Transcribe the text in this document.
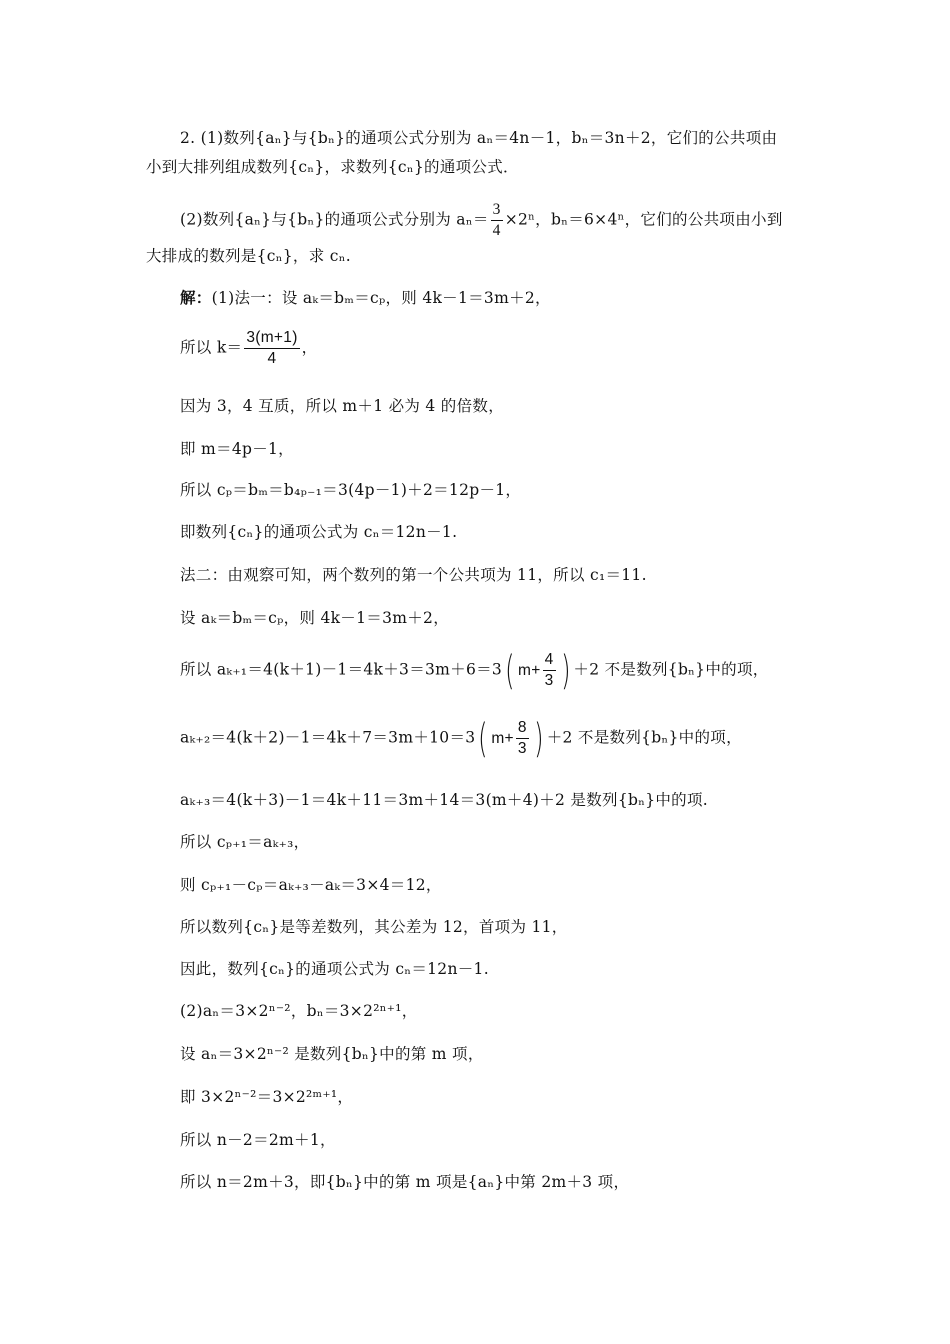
2. (1)数列{aₙ}与{bₙ}的通项公式分别为 aₙ＝4n－1，bₙ＝3n＋2，它们的公共项由
小到大排列组成数列{cₙ}，求数列{cₙ}的通项公式．
(2)数列{aₙ}与{bₙ}的通项公式分别为 $a_n= \frac{3}{4} \times 2^n$，bₙ＝6×4ⁿ，它们的公共项由小到
大排成的数列是{cₙ}，求 cₙ.
解：(1)法一：设 aₖ＝bₘ＝cₚ，则 4k－1＝3m＋2，
所以 $k= \frac{3(m+1)}{4}$ ，
因为 3，4 互质，所以 m＋1 必为 4 的倍数，
即 m＝4p－1，
所以 cₚ＝bₘ＝b₄ₚ₋₁＝3(4p－1)＋2＝12p－1，
即数列{cₙ}的通项公式为 cₙ＝12n－1.
法二：由观察可知，两个数列的第一个公共项为 11，所以 c₁＝11.
设 aₖ＝bₘ＝cₚ，则 4k－1＝3m＋2，
所以 aₖ₊₁＝4(k＋1)－1＝4k＋3＝3m＋6＝3( $m+ \frac{4}{3}$ ) ＋2 不是数列{bₙ}中的项，
aₖ₊₂＝4(k＋2)－1＝4k＋7＝3m＋10＝3( $m+ \frac{8}{3}$ ) ＋2 不是数列{bₙ}中的项，
aₖ₊₃＝4(k＋3)－1＝4k＋11＝3m＋14＝3(m＋4)＋2 是数列{bₙ}中的项.
所以 cₚ₊₁＝aₖ₊₃，
则 cₚ₊₁－cₚ＝aₖ₊₃－aₖ＝3×4＝12，
所以数列{cₙ}是等差数列，其公差为 12，首项为 11，
因此，数列{cₙ}的通项公式为 cₙ＝12n－1.
(2)aₙ＝3×2ⁿ⁻²，bₙ＝3×2²ⁿ⁺¹，
设 aₙ＝3×2ⁿ⁻² 是数列{bₙ}中的第 m 项，
即 3×2ⁿ⁻²＝3×2²ᵐ⁺¹，
所以 n－2＝2m＋1，
所以 n＝2m＋3，即{bₙ}中的第 m 项是{aₙ}中第 2m＋3 项，
